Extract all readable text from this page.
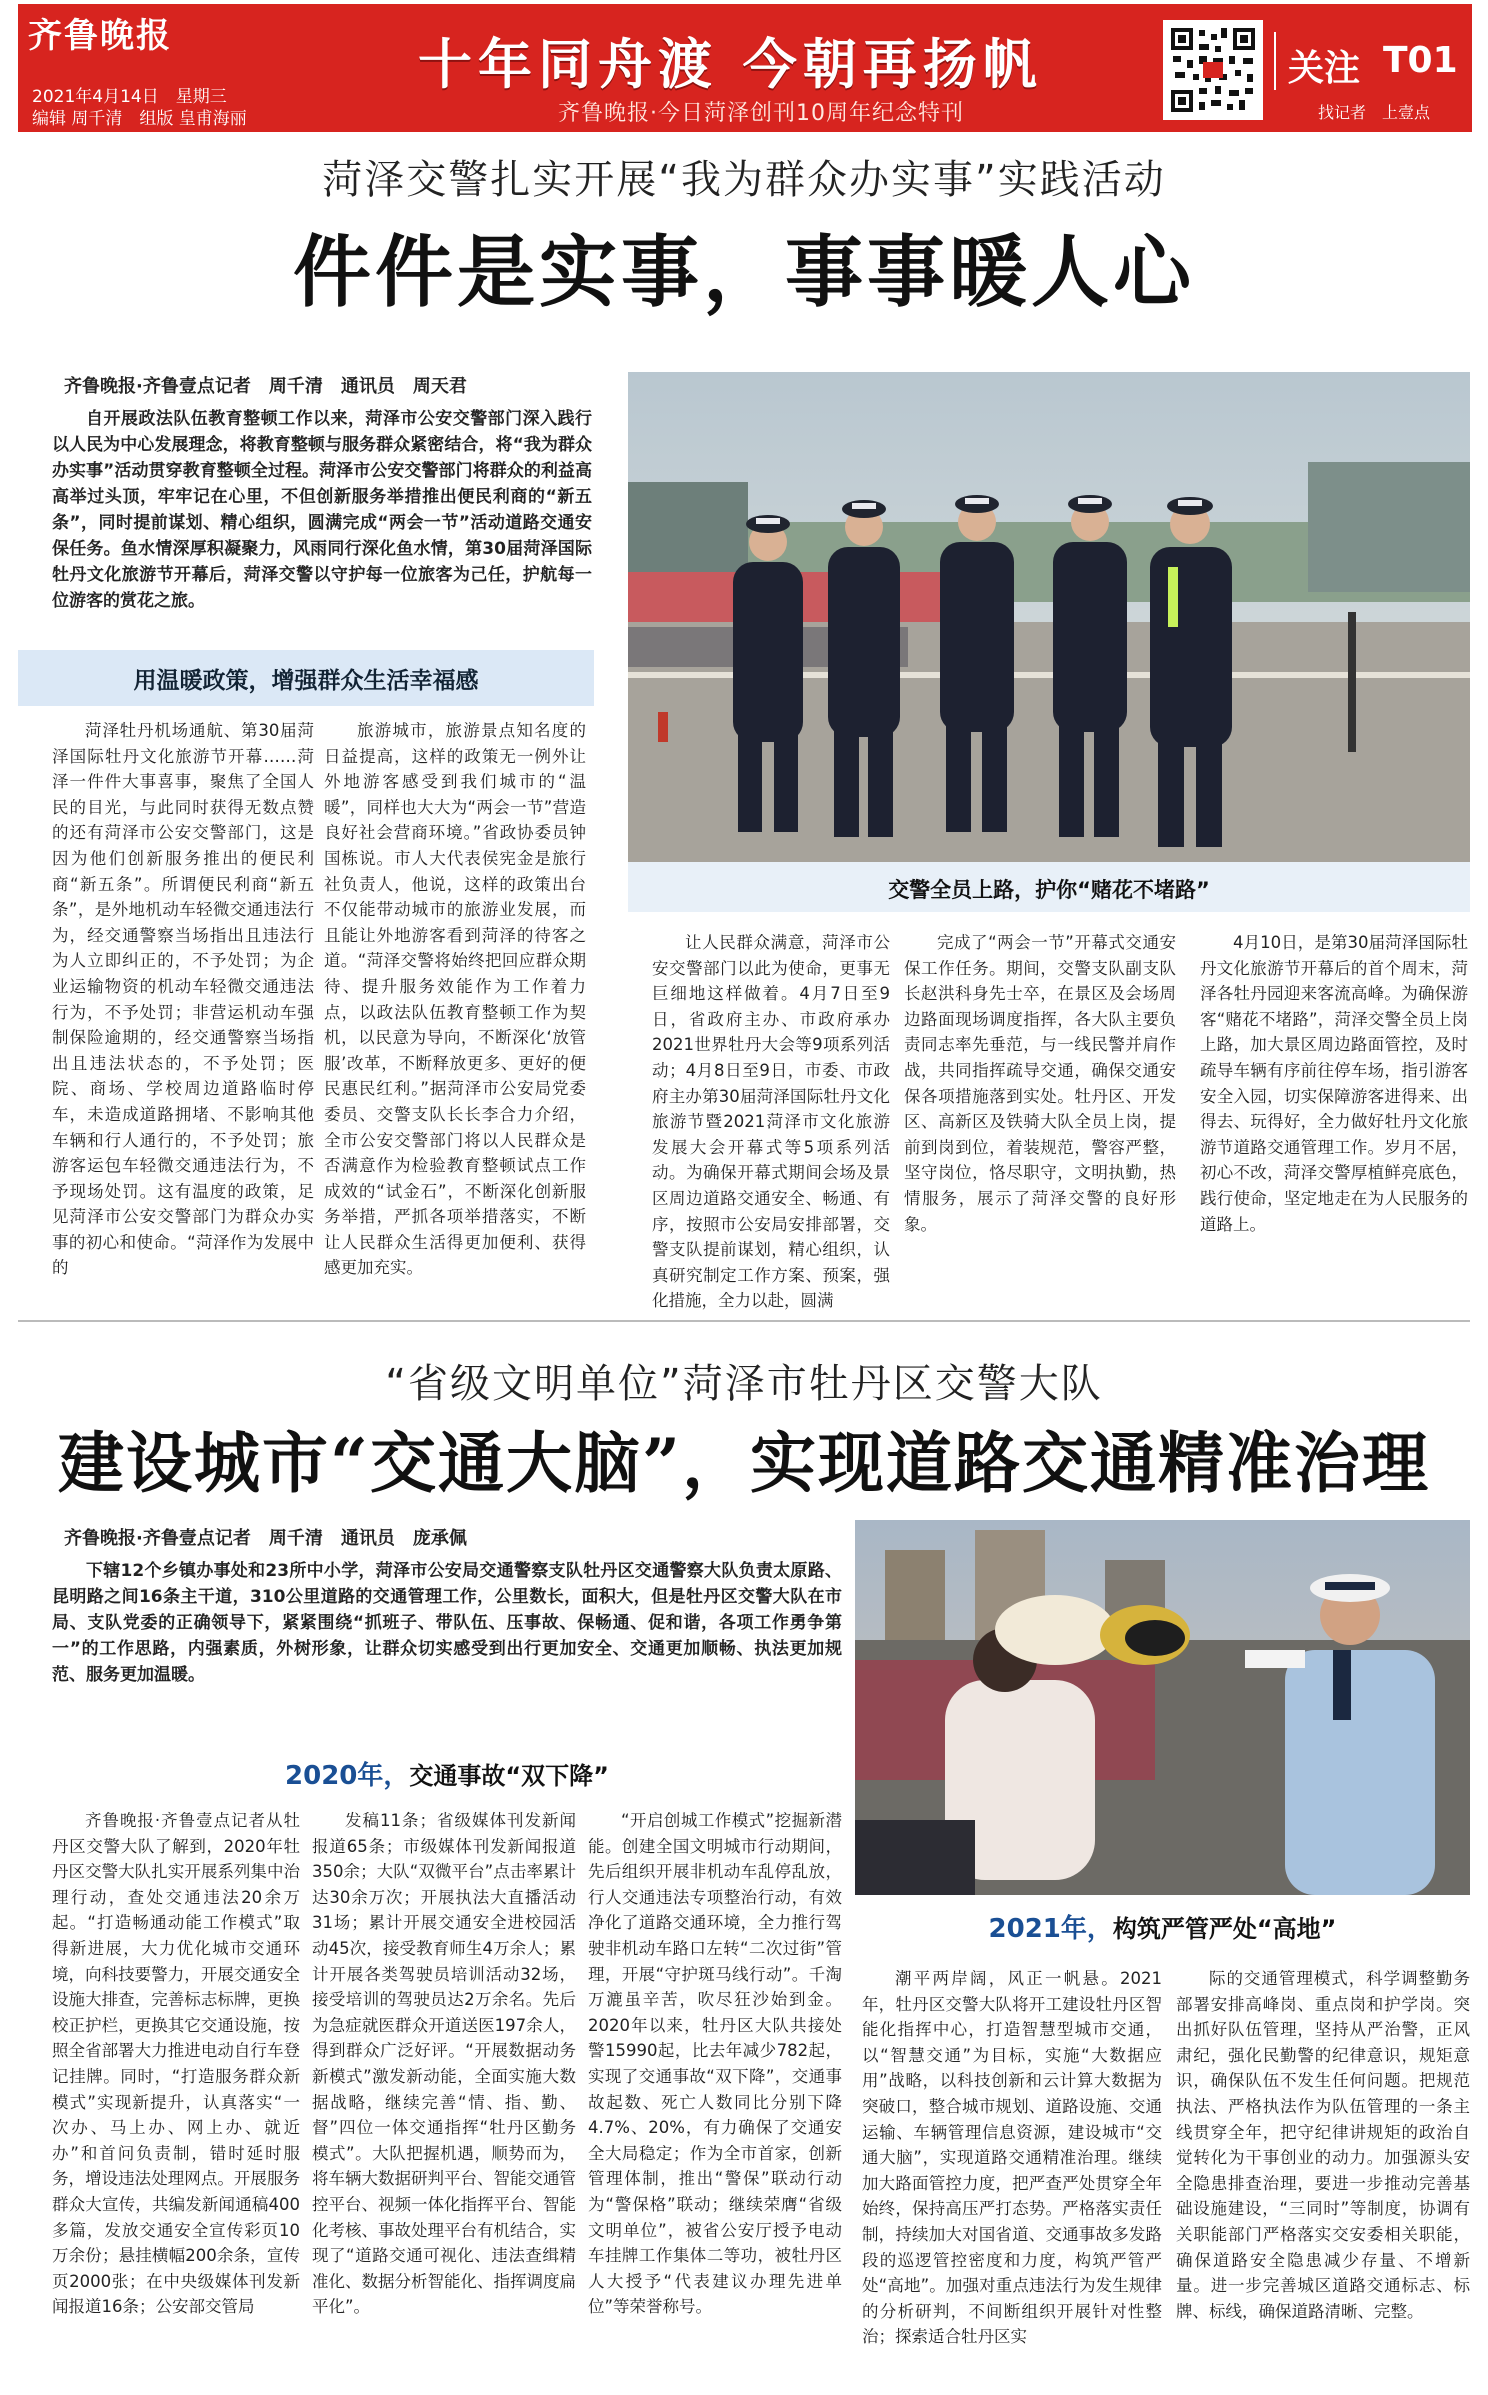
齐鲁晚报
2021年4月14日　星期三
编辑 周千清　组版 皇甫海丽
十年同舟渡 今朝再扬帆
齐鲁晚报·今日菏泽创刊10周年纪念特刊
关注 T01
找记者　上壹点
菏泽交警扎实开展“我为群众办实事”实践活动
件件是实事，事事暖人心
齐鲁晚报·齐鲁壹点记者　周千清　通讯员　周天君

自开展政法队伍教育整顿工作以来，菏泽市公安交警部门深入践行以人民为中心发展理念，将教育整顿与服务群众紧密结合，将“我为群众办实事”活动贯穿教育整顿全过程。菏泽市公安交警部门将群众的利益高高举过头顶，牢牢记在心里，不但创新服务举措推出便民利商的“新五条”，同时提前谋划、精心组织，圆满完成“两会一节”活动道路交通安保任务。鱼水情深厚积凝聚力，风雨同行深化鱼水情，第30届菏泽国际牡丹文化旅游节开幕后，菏泽交警以守护每一位旅客为己任，护航每一位游客的赏花之旅。

用温暖政策，增强群众生活幸福感
交警全员上路，护你“赌花不堵路”

菏泽牡丹机场通航、第30届菏泽国际牡丹文化旅游节开幕……菏泽一件件大事喜事，聚焦了全国人民的目光，与此同时获得无数点赞的还有菏泽市公安交警部门，这是因为他们创新服务推出的便民利商“新五条”。所谓便民利商“新五条”，是外地机动车轻微交通违法行为，经交通警察当场指出且违法行为人立即纠正的，不予处罚；为企业运输物资的机动车轻微交通违法行为，不予处罚；非营运机动车强制保险逾期的，经交通警察当场指出且违法状态的，不予处罚；医院、商场、学校周边道路临时停车，未造成道路拥堵、不影响其他车辆和行人通行的，不予处罚；旅游客运包车轻微交通违法行为，不予现场处罚。这有温度的政策，足见菏泽市公安交警部门为群众办实事的初心和使命。“菏泽作为发展中的

旅游城市，旅游景点知名度的日益提高，这样的政策无一例外让外地游客感受到我们城市的“温暖”，同样也大大为“两会一节”营造良好社会营商环境。”省政协委员钟国栋说。市人大代表侯宪金是旅行社负责人，他说，这样的政策出台不仅能带动城市的旅游业发展，而且能让外地游客看到菏泽的待客之道。“菏泽交警将始终把回应群众期待、提升服务效能作为工作着力点，以政法队伍教育整顿工作为契机，以民意为导向，不断深化‘放管服’改革，不断释放更多、更好的便民惠民红利。”据菏泽市公安局党委委员、交警支队长长李合力介绍，全市公安交警部门将以人民群众是否满意作为检验教育整顿试点工作成效的“试金石”，不断深化创新服务举措，严抓各项举措落实，不断让人民群众生活得更加便利、获得感更加充实。

让人民群众满意，菏泽市公安交警部门以此为使命，更事无巨细地这样做着。4月7日至9日，省政府主办、市政府承办2021世界牡丹大会等9项系列活动；4月8日至9日，市委、市政府主办第30届菏泽国际牡丹文化旅游节暨2021菏泽市文化旅游发展大会开幕式等5项系列活动。为确保开幕式期间会场及景区周边道路交通安全、畅通、有序，按照市公安局安排部署，交警支队提前谋划，精心组织，认真研究制定工作方案、预案，强化措施，全力以赴，圆满

完成了“两会一节”开幕式交通安保工作任务。期间，交警支队副支队长赵洪科身先士卒，在景区及会场周边路面现场调度指挥，各大队主要负责同志率先垂范，与一线民警并肩作战，共同指挥疏导交通，确保交通安保各项措施落到实处。牡丹区、开发区、高新区及铁骑大队全员上岗，提前到岗到位，着装规范，警容严整，坚守岗位，恪尽职守，文明执勤，热情服务，展示了菏泽交警的良好形象。

4月10日，是第30届菏泽国际牡丹文化旅游节开幕后的首个周末，菏泽各牡丹园迎来客流高峰。为确保游客“赌花不堵路”，菏泽交警全员上岗上路，加大景区周边路面管控，及时疏导车辆有序前往停车场，指引游客安全入园，切实保障游客进得来、出得去、玩得好，全力做好牡丹文化旅游节道路交通管理工作。岁月不居，初心不改，菏泽交警厚植鲜亮底色，践行使命，坚定地走在为人民服务的道路上。

“省级文明单位”菏泽市牡丹区交警大队
建设城市“交通大脑”，实现道路交通精准治理
齐鲁晚报·齐鲁壹点记者　周千清　通讯员　庞承佩

下辖12个乡镇办事处和23所中小学，菏泽市公安局交通警察支队牡丹区交通警察大队负责太原路、昆明路之间16条主干道，310公里道路的交通管理工作，公里数长，面积大，但是牡丹区交警大队在市局、支队党委的正确领导下，紧紧围绕“抓班子、带队伍、压事故、保畅通、促和谐，各项工作勇争第一”的工作思路，内强素质，外树形象，让群众切实感受到出行更加安全、交通更加顺畅、执法更加规范、服务更加温暖。

2020年，交通事故“双下降”
2021年，构筑严管严处“高地”

齐鲁晚报·齐鲁壹点记者从牡丹区交警大队了解到，2020年牡丹区交警大队扎实开展系列集中治理行动，查处交通违法20余万起。“打造畅通动能工作模式”取得新进展，大力优化城市交通环境，向科技要警力，开展交通安全设施大排查，完善标志标牌，更换校正护栏，更换其它交通设施，按照全省部署大力推进电动自行车登记挂牌。同时，“打造服务群众新模式”实现新提升，认真落实“一次办、马上办、网上办、就近办”和首问负责制，错时延时服务，增设违法处理网点。开展服务群众大宣传，共编发新闻通稿400多篇，发放交通安全宣传彩页10万余份；悬挂横幅200余条，宣传页2000张；在中央级媒体刊发新闻报道16条；公安部交管局

发稿11条；省级媒体刊发新闻报道65条；市级媒体刊发新闻报道350余；大队“双微平台”点击率累计达30余万次；开展执法大直播活动31场；累计开展交通安全进校园活动45次，接受教育师生4万余人；累计开展各类驾驶员培训活动32场，接受培训的驾驶员达2万余名。先后为急症就医群众开道送医197余人，得到群众广泛好评。“开展数据动务新模式”激发新动能，全面实施大数据战略，继续完善“情、指、勤、督”四位一体交通指挥“牡丹区勤务模式”。大队把握机遇，顺势而为，将车辆大数据研判平台、智能交通管控平台、视频一体化指挥平台、智能化考核、事故处理平台有机结合，实现了“道路交通可视化、违法查缉精准化、数据分析智能化、指挥调度扁平化”。

“开启创城工作模式”挖掘新潜能。创建全国文明城市行动期间，先后组织开展非机动车乱停乱放，行人交通违法专项整治行动，有效净化了道路交通环境，全力推行驾驶非机动车路口左转“二次过街”管理，开展“守护斑马线行动”。千淘万漉虽辛苦，吹尽狂沙始到金。2020年以来，牡丹区大队共接处警15990起，比去年减少782起，实现了交通事故“双下降”，交通事故起数、死亡人数同比分别下降4.7%、20%，有力确保了交通安全大局稳定；作为全市首家，创新管理体制，推出“警保”联动行动为“警保格”联动；继续荣膺“省级文明单位”，被省公安厅授予电动车挂牌工作集体二等功，被牡丹区人大授予“代表建议办理先进单位”等荣誉称号。

潮平两岸阔，风正一帆悬。2021年，牡丹区交警大队将开工建设牡丹区智能化指挥中心，打造智慧型城市交通，以“智慧交通”为目标，实施“大数据应用”战略，以科技创新和云计算大数据为突破口，整合城市规划、道路设施、交通运输、车辆管理信息资源，建设城市“交通大脑”，实现道路交通精准治理。继续加大路面管控力度，把严查严处贯穿全年始终，保持高压严打态势。严格落实责任制，持续加大对国省道、交通事故多发路段的巡逻管控密度和力度，构筑严管严处“高地”。加强对重点违法行为发生规律的分析研判，不间断组织开展针对性整治；探索适合牡丹区实

际的交通管理模式，科学调整勤务部署安排高峰岗、重点岗和护学岗。突出抓好队伍管理，坚持从严治警，正风肃纪，强化民勤警的纪律意识，规矩意识，确保队伍不发生任何问题。把规范执法、严格执法作为队伍管理的一条主线贯穿全年，把守纪律讲规矩的政治自觉转化为干事创业的动力。加强源头安全隐患排查治理，要进一步推动完善基础设施建设，“三同时”等制度，协调有关职能部门严格落实交安委相关职能，确保道路安全隐患减少存量、不增新量。进一步完善城区道路交通标志、标牌、标线，确保道路清晰、完整。
